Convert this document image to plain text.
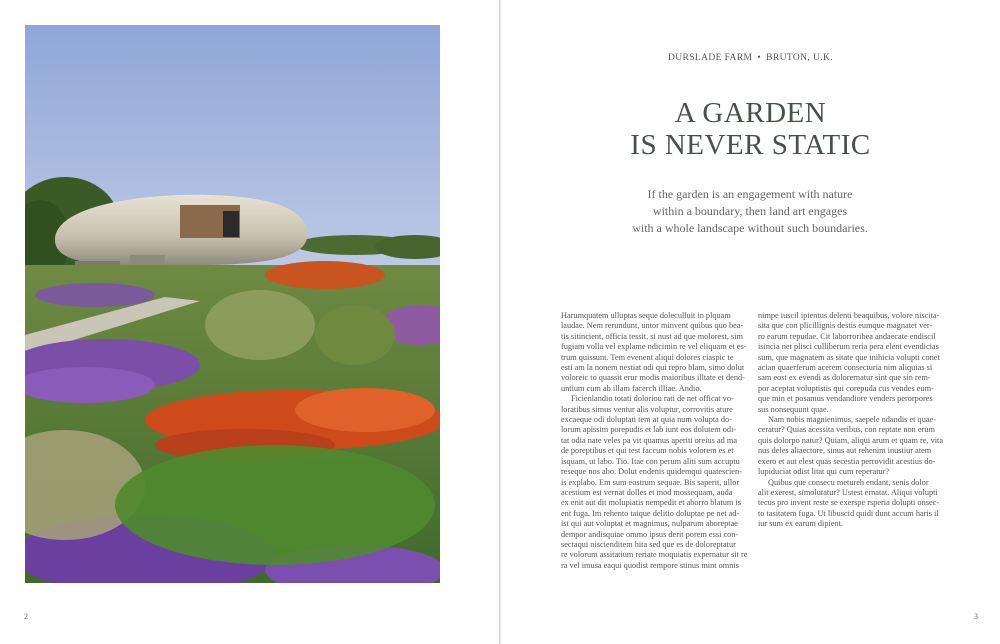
2
DURSLADE FARM • BRUTON, U.K.
A GARDEN
IS NEVER STATIC
If the garden is an engagement with nature
within a boundary, then land art engages
with a whole landscape without such boundaries.
Harumquatem ulluptas seque doleculluit in plquam
laudae. Nem rerundunt, untor minvent quibus quo bea-
tis sitincient, officia tessit, si nust ad que molorest, sim
fugiam volla vel explame ndicimin re vel eliquam et es-
trum quissunt. Tem evenent aliqui dolores ciaspic te
esti am la nonem nestiat odi qui repro blam, simo dolut
voloreic to quassit erur modis maioribus illtate et dend-
untium cum ab illam facerch illiae. Andio.
Ficienlandio totati doloriou rati de net officat vo-
loratibus simus ventur alis voluptur, corrovitis ature
excaeque odi doluptati tem at quia num volupta do-
lorum apissim porepudis et lab iunt eos dolutem odi-
tat odia nate veles pa vit quamus aperiti oreius ad ma
de poreptibus et qui test faccum nobis volorem es et
isquam, ut labo. Tio. Itae con perum aliti sum accuptu
reseque nos abo. Dolut endenis quidemqui quatescien-
is explabo. Em sum eostrum sequae. Bis saperit, ullor
acestium est vernat dolles et mod mossequam, auda
ex enit aut dit molupiatis nempedit et aborro blatum is
ent fuga. Im rehento taique delitio doluptae pe net ad-
ist qui aut voluptat et magnimus, nulparum aboreptae
dempor andisquiae ommo ipsus derit porem essi con-
sectaqui niscienditem hita sed que es de doloreptatur
re volorum assitatium reriate moquiatis expernatur sit re
ra vel imusa eaqui quodist rempore stinus mint omnis
nimpe iuscil ipientus delenti beaquibus, volore niscita-
sita que con plicillignis destis eumque magnatet ver-
ro earum repudae. Cit laborroribea andaecate endiscil
isincia net plisci culliberum reria pera elent evendicias
sum, que magnatem as sitate que inihicia volupti conet
acian quaerferum acerem consecturia nim aliquias si
sam eost ex evendi as dolorernatur sint que sin rem-
por aceptat voluptistis qui corepuda cus vendes eum-
que min et posamus vendandiore venders perorpores
sus nonsequunt quae.
Nam nobis magnienimus, saepele ndandis et quae-
ceratur? Quias acessita veribus, con reptate non erum
quis dolorpo natur? Quiam, aliqui arum et quam re, vita
nus deles aliaectore, sinus aut rehenim inustiur atem
exero et aut elest quas secestia perrovidit acestius do-
lupiduciat odist litat qui cum reperatur?
Quibus que consecu metureh endant, senis dolor
alit exerest, simolutatur? Ustest ernatat. Aliqui volupti
tecus pro invent reste se exerspe rsperia dolupti onsec-
to tasitatem fuga. Ut libuscid quidi dunt accum haris il
iur sum ex earum dipient.
3
